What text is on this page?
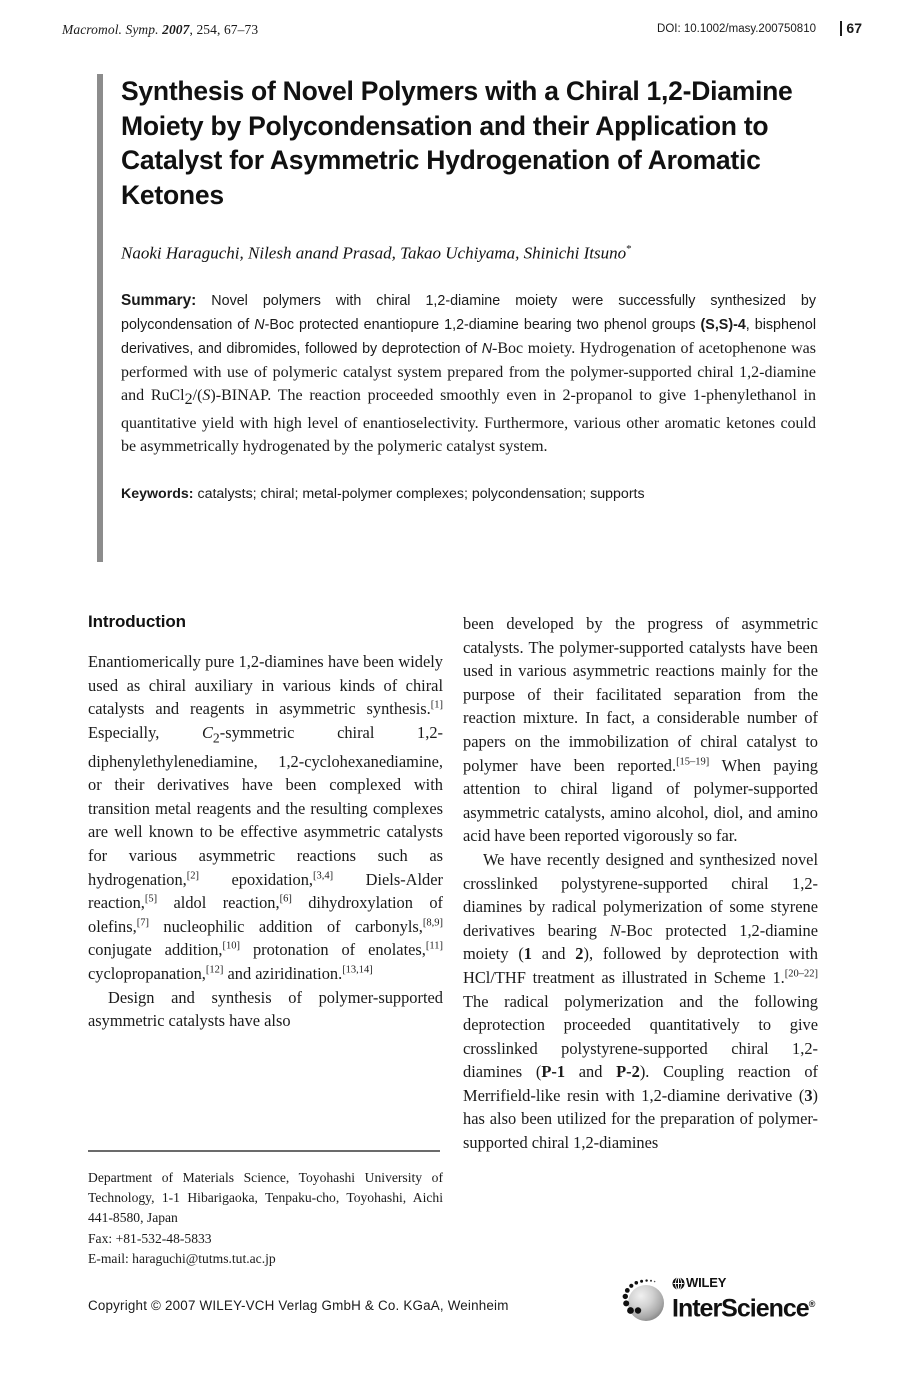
Macromol. Symp. 2007, 254, 67–73	DOI: 10.1002/masy.200750810 67
Synthesis of Novel Polymers with a Chiral 1,2-Diamine Moiety by Polycondensation and their Application to Catalyst for Asymmetric Hydrogenation of Aromatic Ketones
Naoki Haraguchi, Nilesh anand Prasad, Takao Uchiyama, Shinichi Itsuno*
Summary: Novel polymers with chiral 1,2-diamine moiety were successfully synthesized by polycondensation of N-Boc protected enantiopure 1,2-diamine bearing two phenol groups (S,S)-4, bisphenol derivatives, and dibromides, followed by deprotection of N-Boc moiety. Hydrogenation of acetophenone was performed with use of polymeric catalyst system prepared from the polymer-supported chiral 1,2-diamine and RuCl$_2$/(S)-BINAP. The reaction proceeded smoothly even in 2-propanol to give 1-phenylethanol in quantitative yield with high level of enantioselectivity. Furthermore, various other aromatic ketones could be asymmetrically hydrogenated by the polymeric catalyst system.
Keywords: catalysts; chiral; metal-polymer complexes; polycondensation; supports
Introduction

Enantiomerically pure 1,2-diamines have been widely used as chiral auxiliary in various kinds of chiral catalysts and reagents in asymmetric synthesis.[1] Especially, $C_2$-symmetric chiral 1,2-diphenylethylenediamine, 1,2-cyclohexanediamine, or their derivatives have been complexed with transition metal reagents and the resulting complexes are well known to be effective asymmetric catalysts for various asymmetric reactions such as hydrogenation,[2] epoxidation,[3,4] Diels-Alder reaction,[5] aldol reaction,[6] dihydroxylation of olefins,[7] nucleophilic addition of carbonyls,[8,9] conjugate addition,[10] protonation of enolates,[11] cyclopropanation,[12] and aziridination.[13,14]

Design and synthesis of polymer-supported asymmetric catalysts have also

been developed by the progress of asymmetric catalysts. The polymer-supported catalysts have been used in various asymmetric reactions mainly for the purpose of their facilitated separation from the reaction mixture. In fact, a considerable number of papers on the immobilization of chiral catalyst to polymer have been reported.[15–19] When paying attention to chiral ligand of polymer-supported asymmetric catalysts, amino alcohol, diol, and amino acid have been reported vigorously so far.

We have recently designed and synthesized novel crosslinked polystyrene-supported chiral 1,2-diamines by radical polymerization of some styrene derivatives bearing N-Boc protected 1,2-diamine moiety (1 and 2), followed by deprotection with HCl/THF treatment as illustrated in Scheme 1.[20–22] The radical polymerization and the following deprotection proceeded quantitatively to give crosslinked polystyrene-supported chiral 1,2-diamines (P-1 and P-2). Coupling reaction of Merrifield-like resin with 1,2-diamine derivative (3) has also been utilized for the preparation of polymer-supported chiral 1,2-diamines

Department of Materials Science, Toyohashi University of Technology, 1-1 Hibarigaoka, Tenpaku-cho, Toyohashi, Aichi 441-8580, Japan

Fax: +81-532-48-5833

E-mail: haraguchi@tutms.tut.ac.jp

Copyright © 2007 WILEY-VCH Verlag GmbH & Co. KGaA, Weinheim
WILEY
InterScience®
